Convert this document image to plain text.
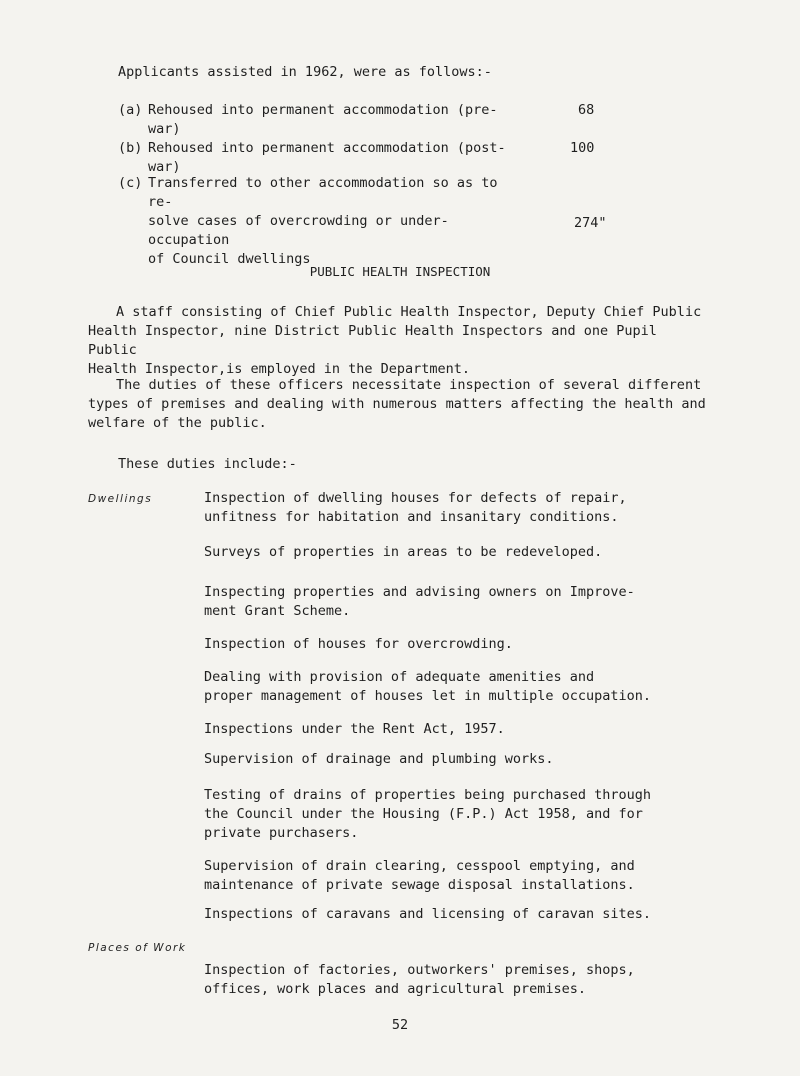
Applicants assisted in 1962, were as follows:-
(a) Rehoused into permanent accommodation (pre-war)
68
(b) Rehoused into permanent accommodation (post-war)
100
(c) Transferred to other accommodation so as to re-
solve cases of overcrowding or under-occupation
of Council dwellings
274"
PUBLIC HEALTH INSPECTION
A staff consisting of Chief Public Health Inspector, Deputy Chief Public
Health Inspector, nine District Public Health Inspectors and one Pupil Public
Health Inspector,is employed in the Department.
The duties of these officers necessitate inspection of several different
types of premises and dealing with numerous matters affecting the health and
welfare of the public.
These duties include:-
Dwellings	Inspection of dwelling houses for defects of repair,
unfitness for habitation and insanitary conditions.
Surveys of properties in areas to be redeveloped.
Inspecting properties and advising owners on Improve-
ment Grant Scheme.
Inspection of houses for overcrowding.
Dealing with provision of adequate amenities and
proper management of houses let in multiple occupation.
Inspections under the Rent Act, 1957.
Supervision of drainage and plumbing works.
Testing of drains of properties being purchased through
the Council under the Housing (F.P.) Act 1958, and for
private purchasers.
Supervision of drain clearing, cesspool emptying, and
maintenance of private sewage disposal installations.
Inspections of caravans and licensing of caravan sites.
Places of Work
Inspection of factories, outworkers' premises, shops,
offices, work places and agricultural premises.
52
